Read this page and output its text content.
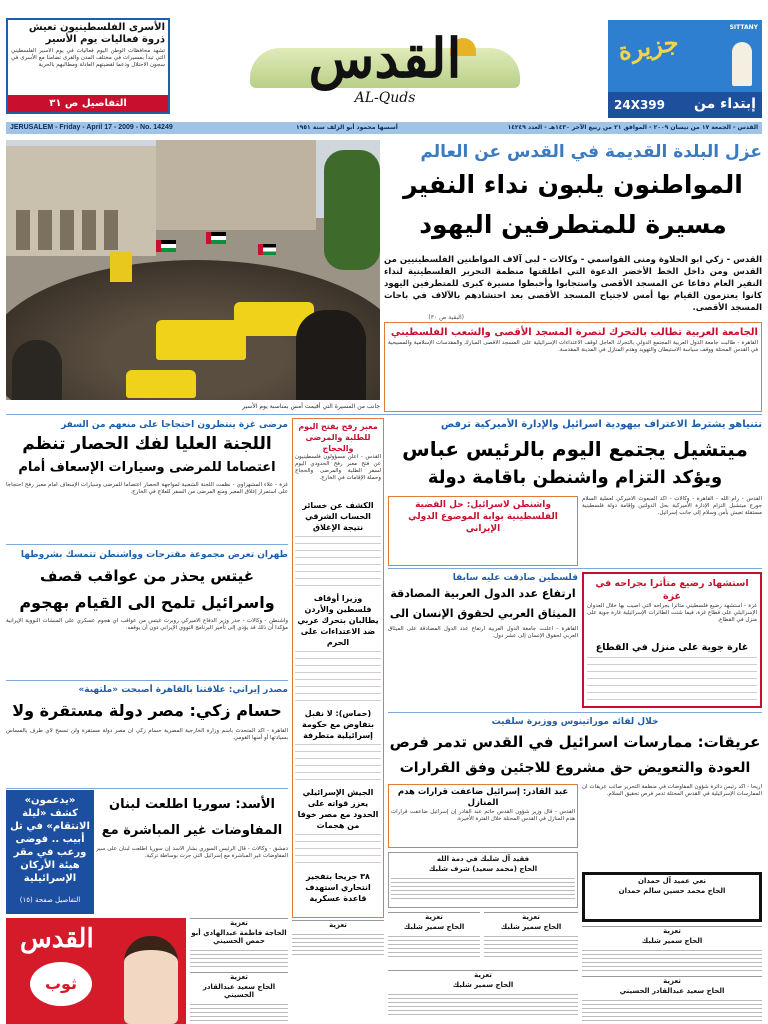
الأسرى الفلسطينيون تعيش ذروة فعاليات يوم الأسير
تشهد محافظات الوطن اليوم فعاليات في يوم الأسير الفلسطيني التي تبدأ بمسيرات في مختلف المدن والقرى تضامنا مع الأسرى في سجون الاحتلال ودعما لقضيتهم العادلة ومطالبهم بالحرية
التفاصيل ص ٣١
القدس
AL-Quds
SITTANY
جزيرة
24X399 إبتداء من
JERUSALEM - Friday - April 17 - 2009 - No. 14249	أسسها محمود أبو الزلف سنة ١٩٥١	القدس - الجمعة ١٧ من نيسان ٢٠٠٩ - الموافق ٢١ من ربيع الآخر ١٤٣٠هـ - العدد ١٤٢٤٩
جانب من المسيرة التي أقيمت أمس بمناسبة يوم الأسير
عزل البلدة القديمة في القدس عن العالم
المواطنون يلبون نداء النفير
مسيرة للمتطرفين اليهود
القدس - زكي ابو الحلاوة ومنى القواسمي - وكالات - لبى آلاف المواطنين الفلسطينيين من القدس ومن داخل الخط الأخضر الدعوة التي اطلقتها منظمة التحرير الفلسطينية لنداء النفير العام دفاعا عن المسجد الأقصى واستجابوا وأحبطوا مسيرة كبرى للمتطرفين اليهود كانوا يعتزمون القيام بها أمس لاجتياح المسجد الأقصى بعد احتشادهم بالآلاف في باحات المسجد الأقصى.
(البقية ص ٣٠)
الجامعة العربية تطالب بالتحرك لنصرة المسجد الأقصى والشعب الفلسطيني
القاهرة - طالبت جامعة الدول العربية المجتمع الدولي بالتحرك العاجل لوقف الاعتداءات الإسرائيلية على المسجد الأقصى المبارك والمقدسات الإسلامية والمسيحية في القدس المحتلة ووقف سياسة الاستيطان والتهويد وهدم المنازل في المدينة المقدسة.
نتنياهو يشترط الاعتراف بيهودية اسرائيل والإدارة الأميركية ترفض
ميتشيل يجتمع اليوم بالرئيس عباس
ويؤكد التزام واشنطن باقامة دولة
واشنطن لاسرائيل: حل القضية الفلسطينية بوابة الموضوع الدولي الإيراني
القدس - رام الله - القاهرة - وكالات - أكد المبعوث الأميركي لعملية السلام جورج ميتشيل التزام الإدارة الأميركية بحل الدولتين وإقامة دولة فلسطينية مستقلة تعيش بأمن وسلام إلى جانب إسرائيل.
مرضى غزة ينتظرون احتجاجا على منعهم من السفر
اللجنة العليا لفك الحصار تنظم
اعتصاما للمرضى وسيارات الإسعاف أمام
غزة - علاء المشهراوي - نظمت اللجنة الشعبية لمواجهة الحصار اعتصاما للمرضى وسيارات الإسعاف أمام معبر رفح احتجاجا على استمرار إغلاق المعبر ومنع المرضى من السفر للعلاج في الخارج.
طهران تعرض مجموعة مقترحات وواشنطن تتمسك بشروطها
غيتس يحذر من عواقب قصف
واسرائيل تلمح الى القيام بهجوم
واشنطن - وكالات - حذر وزير الدفاع الأميركي روبرت غيتس من عواقب أي هجوم عسكري على المنشآت النووية الإيرانية مؤكدا أن ذلك قد يؤدي إلى تأخير البرنامج النووي الإيراني دون أن يوقفه.
مصدر إيراني: علاقتنا بالقاهرة أصبحت «ملتهبة»
حسام زكي: مصر دولة مستقرة ولا
القاهرة - أكد المتحدث باسم وزارة الخارجية المصرية حسام زكي أن مصر دولة مستقرة ولن تسمح لأي طرف بالمساس بسيادتها أو أمنها القومي.
«يدعمون» كشف «ليلة الانتقام» في تل أبيب .. فوضى ورعب في مقر هيئة الأركان الإسرائيلية
التفاصيل صفحة (١٥)
الأسد: سوريا اطلعت لبنان
المفاوضات غير المباشرة مع
دمشق - وكالات - قال الرئيس السوري بشار الأسد إن سوريا أطلعت لبنان على سير المفاوضات غير المباشرة مع إسرائيل التي جرت بوساطة تركية.
القدس
ثوب
تعزية
الحاجة فاطمة عبدالهادي أبو حمص الحسيني
تعزية
الحاج سعيد عبدالقادر الحسيني
معبر رفح يفتح اليوم للطلبة والمرضى والحجاج
القدس - أعلن مسؤولون فلسطينيون عن فتح معبر رفح الحدودي اليوم لسفر الطلبة والمرضى والحجاج وحملة الإقامات في الخارج.
الكشف عن خسائر الحساب الشرقي نتيجة الإغلاق
وزيرا أوقاف فلسطين والأردن يطالبان بتحرك عربي ضد الاعتداءات على الحرم
(حماس): لا نقبل بتفاوض مع حكومة إسرائيلية متطرفة
الجيش الإسرائيلي يعزز قواته على الحدود مع مصر خوفا من هجمات
٣٨ جريحا بتفجير انتحاري استهدف قاعدة عسكرية
فلسطين صادقت عليه سابقا
ارتفاع عدد الدول العربية المصادقة
الميثاق العربي لحقوق الإنسان الى
القاهرة - أعلنت جامعة الدول العربية ارتفاع عدد الدول المصادقة على الميثاق العربي لحقوق الإنسان إلى عشر دول.
استشهاد رضيع متأثرا بجراحه في غزة
غزة - استشهد رضيع فلسطيني متأثرا بجراحه التي أصيب بها خلال العدوان الإسرائيلي على قطاع غزة، فيما شنت الطائرات الإسرائيلية غارة جوية على منزل في القطاع.
غارة جوية على منزل في القطاع
خلال لقائه موراتينوس ووزيرة سلفيت
عريقات: ممارسات اسرائيل في القدس تدمر فرص
العودة والتعويض حق مشروع للاجئين وفق القرارات
أريحا - أكد رئيس دائرة شؤون المفاوضات في منظمة التحرير صائب عريقات أن الممارسات الإسرائيلية في القدس المحتلة تدمر فرص تحقيق السلام.
عبد القادر: إسرائيل ضاعفت قرارات هدم المنازل
القدس - قال وزير شؤون القدس حاتم عبد القادر إن إسرائيل ضاعفت قرارات هدم المنازل في القدس المحتلة خلال الفترة الأخيرة.
فقيد آل شلبك في دمة الله
الحاج (محمد سعيد) شرف شلبك
نعي عميد آل حمدان
الحاج محمد حسين سالم حمدان
تعزية
تعزية
الحاج سمير شلبك
تعزية
الحاج سمير شلبك
تعزية
الحاج سمير شلبك
تعزية
الحاج سمير شلبك
تعزية
الحاج سعيد عبدالقادر الحسيني
